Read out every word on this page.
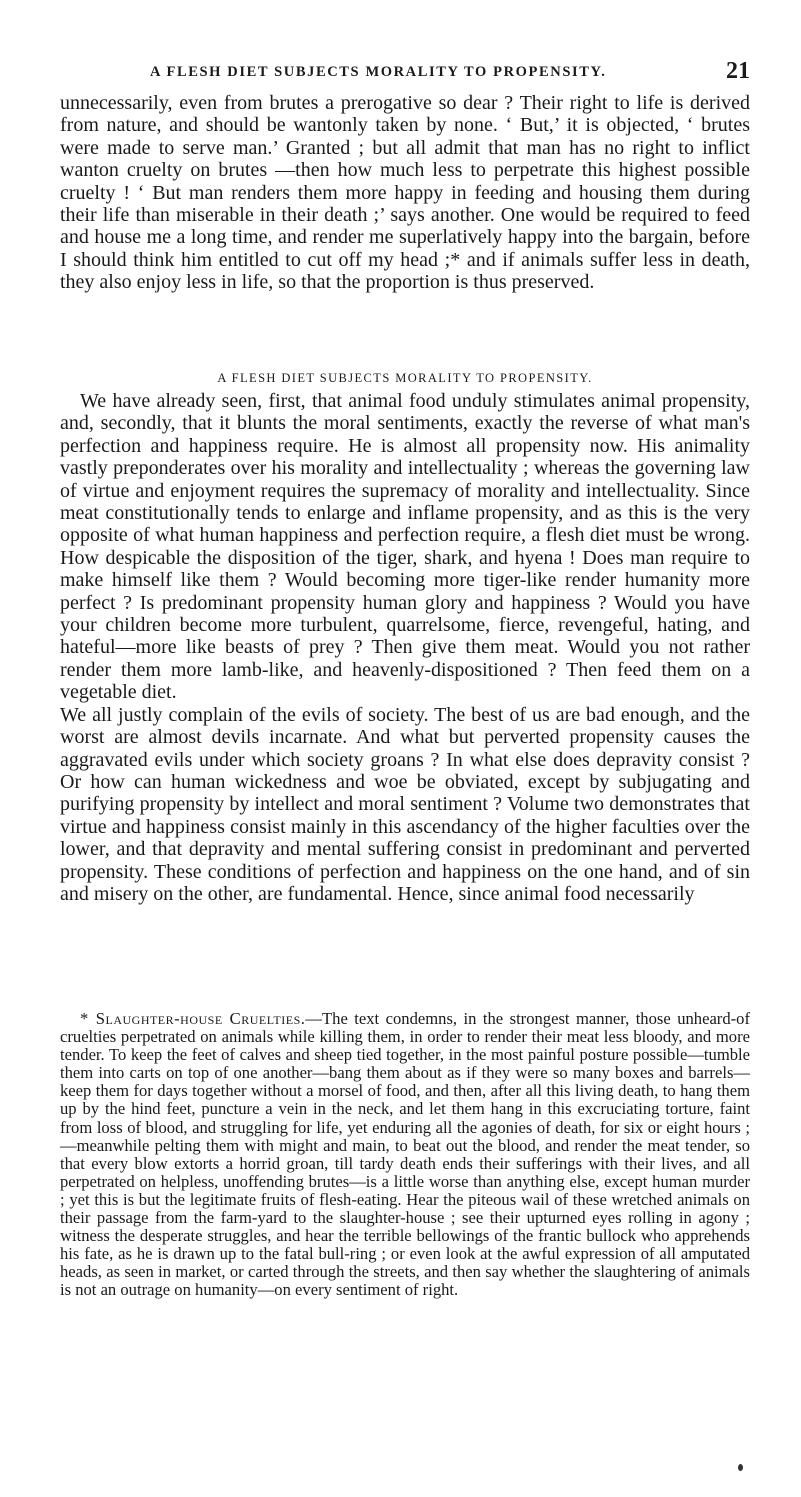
A FLESH DIET SUBJECTS MORALITY TO PROPENSITY.	21

unnecessarily, even from brutes a prerogative so dear ? Their right to life is derived from nature, and should be wantonly taken by none. ‘ But,’ it is objected, ‘ brutes were made to serve man.’ Granted ; but all admit that man has no right to inflict wanton cruelty on brutes —then how much less to perpetrate this highest possible cruelty ! ‘ But man renders them more happy in feeding and housing them during their life than miserable in their death ;’ says another. One would be required to feed and house me a long time, and render me superlatively happy into the bargain, before I should think him entitled to cut off my head ;* and if animals suffer less in death, they also enjoy less in life, so that the proportion is thus preserved.

A FLESH DIET SUBJECTS MORALITY TO PROPENSITY.

We have already seen, first, that animal food unduly stimulates animal propensity, and, secondly, that it blunts the moral sentiments, exactly the reverse of what man's perfection and happiness require. He is almost all propensity now. His animality vastly preponderates over his morality and intellectuality ; whereas the governing law of virtue and enjoyment requires the supremacy of morality and intellectuality. Since meat constitutionally tends to enlarge and inflame propensity, and as this is the very opposite of what human happiness and perfection require, a flesh diet must be wrong. How despicable the disposition of the tiger, shark, and hyena ! Does man require to make himself like them ? Would becoming more tiger-like render humanity more perfect ? Is predominant propensity human glory and happiness ? Would you have your children become more turbulent, quarrelsome, fierce, revengeful, hating, and hateful—more like beasts of prey ? Then give them meat. Would you not rather render them more lamb-like, and heavenly-dispositioned ? Then feed them on a vegetable diet.

We all justly complain of the evils of society. The best of us are bad enough, and the worst are almost devils incarnate. And what but perverted propensity causes the aggravated evils under which society groans ? In what else does depravity consist ? Or how can human wickedness and woe be obviated, except by subjugating and purifying propensity by intellect and moral sentiment ? Volume two demonstrates that virtue and happiness consist mainly in this ascendancy of the higher faculties over the lower, and that depravity and mental suffering consist in predominant and perverted propensity. These conditions of perfection and happiness on the one hand, and of sin and misery on the other, are fundamental. Hence, since animal food necessarily

* Slaughter-house Cruelties.—The text condemns, in the strongest manner, those unheard-of cruelties perpetrated on animals while killing them, in order to render their meat less bloody, and more tender. To keep the feet of calves and sheep tied together, in the most painful posture possible—tumble them into carts on top of one another—bang them about as if they were so many boxes and barrels—keep them for days together without a morsel of food, and then, after all this living death, to hang them up by the hind feet, puncture a vein in the neck, and let them hang in this excruciating torture, faint from loss of blood, and struggling for life, yet enduring all the agonies of death, for six or eight hours ;—meanwhile pelting them with might and main, to beat out the blood, and render the meat tender, so that every blow extorts a horrid groan, till tardy death ends their sufferings with their lives, and all perpetrated on helpless, unoffending brutes—is a little worse than anything else, except human murder ; yet this is but the legitimate fruits of flesh-eating. Hear the piteous wail of these wretched animals on their passage from the farm-yard to the slaughter-house ; see their upturned eyes rolling in agony ; witness the desperate struggles, and hear the terrible bellowings of the frantic bullock who apprehends his fate, as he is drawn up to the fatal bull-ring ; or even look at the awful expression of all amputated heads, as seen in market, or carted through the streets, and then say whether the slaughtering of animals is not an outrage on humanity—on every sentiment of right.
